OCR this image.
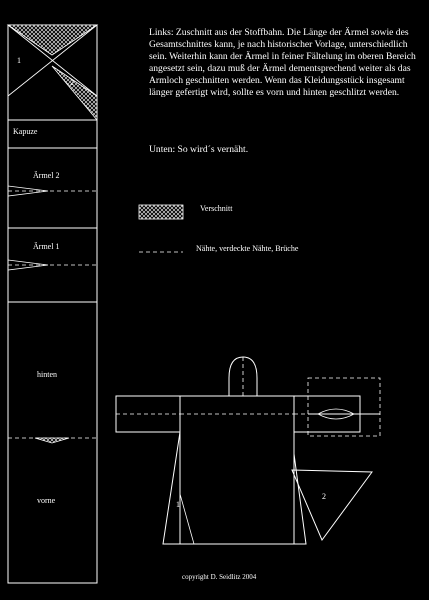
Links: Zuschnitt aus der Stoffbahn. Die Länge der Ärmel sowie des Gesamtschnittes kann, je nach historischer Vorlage, unterschiedlich sein. Weiterhin kann der Ärmel in feiner Fältelung im oberen Bereich angesetzt sein, dazu muß der Ärmel dementsprechend weiter als das Armloch geschnitten werden. Wenn das Kleidungsstück insgesamt länger gefertigt wird, sollte es vorn und hinten geschlitzt werden.
Unten: So wird´s vernäht.
1
2
Kapuze
Ärmel 2
Ärmel 1
hinten
vorne
Verschnitt
Nähte, verdeckte Nähte, Brüche
1
2
copyright D. Seidlitz 2004
